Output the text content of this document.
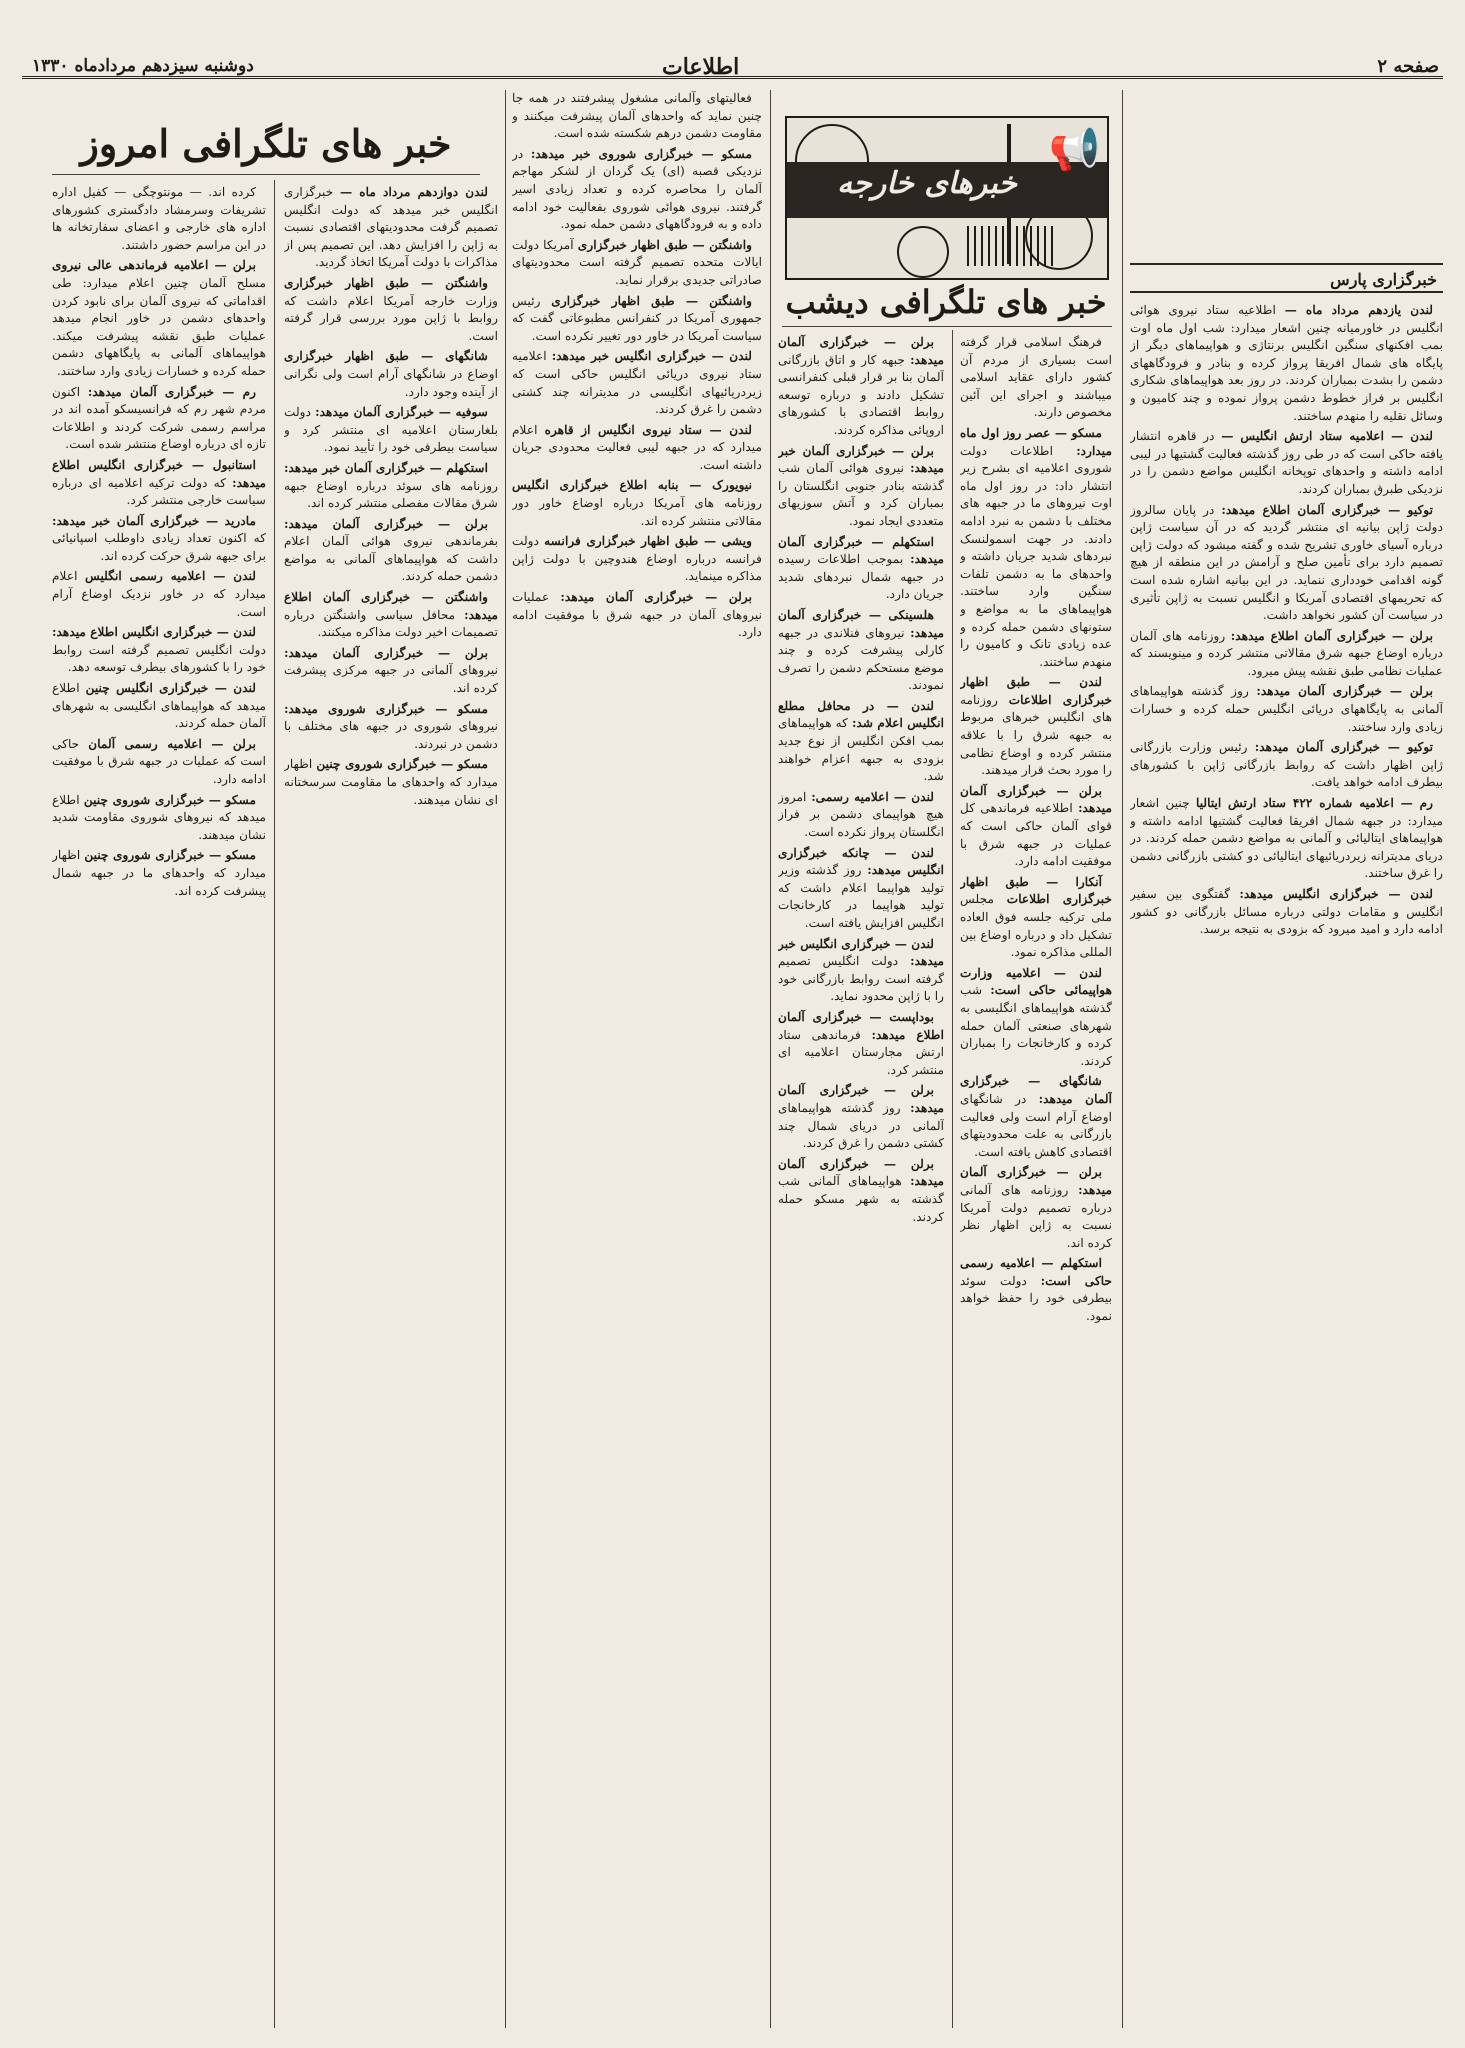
صفحه ۲
اطلاعات
دوشنبه سیزدهم مردادماه ۱۳۳۰
خبرگزاری پارس
خبرهای خارجه
📢
خبر های تلگرافی دیشب
خبر های تلگرافی امروز

لندن یازدهم مرداد ماه — اطلاعیه ستاد نیروی هوائی انگلیس در خاورمیانه چنین اشعار میدارد: شب اول ماه اوت بمب افکنهای سنگین انگلیس برنتاژی و هواپیماهای دیگر از پایگاه های شمال افریقا پرواز کرده و بنادر و فرودگاههای دشمن را بشدت بمباران کردند. در روز بعد هواپیماهای شکاری انگلیس بر فراز خطوط دشمن پرواز نموده و چند کامیون و وسائل نقلیه را منهدم ساختند.

لندن — اعلامیه ستاد ارتش انگلیس — در قاهره انتشار یافته حاکی است که در طی روز گذشته فعالیت گشتیها در لیبی ادامه داشته و واحدهای توپخانه انگلیس مواضع دشمن را در نزدیکی طبرق بمباران کردند.

توکیو — خبرگزاری آلمان اطلاع میدهد: در پایان سالروز دولت ژاپن بیانیه ای منتشر گردید که در آن سیاست ژاپن درباره آسیای خاوری تشریح شده و گفته میشود که دولت ژاپن تصمیم دارد برای تأمین صلح و آرامش در این منطقه از هیچ گونه اقدامی خودداری ننماید. در این بیانیه اشاره شده است که تحریمهای اقتصادی آمریکا و انگلیس نسبت به ژاپن تأثیری در سیاست آن کشور نخواهد داشت.

برلن — خبرگزاری آلمان اطلاع میدهد: روزنامه های آلمان درباره اوضاع جبهه شرق مقالاتی منتشر کرده و مینویسند که عملیات نظامی طبق نقشه پیش میرود.

برلن — خبرگزاری آلمان میدهد: روز گذشته هواپیماهای آلمانی به پایگاههای دریائی انگلیس حمله کرده و خسارات زیادی وارد ساختند.

توکیو — خبرگزاری آلمان میدهد: رئیس وزارت بازرگانی ژاپن اظهار داشت که روابط بازرگانی ژاپن با کشورهای بیطرف ادامه خواهد یافت.

رم — اعلامیه شماره ۴۲۲ ستاد ارتش ایتالیا چنین اشعار میدارد: در جبهه شمال افریقا فعالیت گشتیها ادامه داشته و هواپیماهای ایتالیائی و آلمانی به مواضع دشمن حمله کردند. در دریای مدیترانه زیردریائیهای ایتالیائی دو کشتی بازرگانی دشمن را غرق ساختند.

لندن — خبرگزاری انگلیس میدهد: گفتگوی بین سفیر انگلیس و مقامات دولتی درباره مسائل بازرگانی دو کشور ادامه دارد و امید میرود که بزودی به نتیجه برسد.

فرهنگ اسلامی قرار گرفته است بسیاری از مردم آن کشور دارای عقاید اسلامی میباشند و اجرای این آئین مخصوص دارند.

مسکو — عصر روز اول ماه میدارد: اطلاعات دولت شوروی اعلامیه ای بشرح زیر انتشار داد: در روز اول ماه اوت نیروهای ما در جبهه های مختلف با دشمن به نبرد ادامه دادند. در جهت اسمولنسک نبردهای شدید جریان داشته و واحدهای ما به دشمن تلفات سنگین وارد ساختند. هواپیماهای ما به مواضع و ستونهای دشمن حمله کرده و عده زیادی تانک و کامیون را منهدم ساختند.

لندن — طبق اظهار خبرگزاری اطلاعات روزنامه های انگلیس خبرهای مربوط به جبهه شرق را با علاقه منتشر کرده و اوضاع نظامی را مورد بحث قرار میدهند.

برلن — خبرگزاری آلمان میدهد: اطلاعیه فرماندهی کل قوای آلمان حاکی است که عملیات در جبهه شرق با موفقیت ادامه دارد.

آنکارا — طبق اظهار خبرگزاری اطلاعات مجلس ملی ترکیه جلسه فوق العاده تشکیل داد و درباره اوضاع بین المللی مذاکره نمود.

لندن — اعلامیه وزارت هواپیمائی حاکی است: شب گذشته هواپیماهای انگلیسی به شهرهای صنعتی آلمان حمله کرده و کارخانجات را بمباران کردند.

شانگهای — خبرگزاری آلمان میدهد: در شانگهای اوضاع آرام است ولی فعالیت بازرگانی به علت محدودیتهای اقتصادی کاهش یافته است.

برلن — خبرگزاری آلمان میدهد: روزنامه های آلمانی درباره تصمیم دولت آمریکا نسبت به ژاپن اظهار نظر کرده اند.

استکهلم — اعلامیه رسمی حاکی است: دولت سوئد بیطرفی خود را حفظ خواهد نمود.

برلن — خبرگزاری آلمان میدهد: جبهه کار و اتاق بازرگانی آلمان بنا بر قرار قبلی کنفرانسی تشکیل دادند و درباره توسعه روابط اقتصادی با کشورهای اروپائی مذاکره کردند.

برلن — خبرگزاری آلمان خبر میدهد: نیروی هوائی آلمان شب گذشته بنادر جنوبی انگلستان را بمباران کرد و آتش سوزیهای متعددی ایجاد نمود.

استکهلم — خبرگزاری آلمان میدهد: بموجب اطلاعات رسیده در جبهه شمال نبردهای شدید جریان دارد.

هلسینکی — خبرگزاری آلمان میدهد: نیروهای فنلاندی در جبهه کارلی پیشرفت کرده و چند موضع مستحکم دشمن را تصرف نمودند.

لندن — در محافل مطلع انگلیس اعلام شد: که هواپیماهای بمب افکن انگلیس از نوع جدید بزودی به جبهه اعزام خواهند شد.

لندن — اعلامیه رسمی: امروز هیچ هواپیمای دشمن بر فراز انگلستان پرواز نکرده است.

لندن — چانکه خبرگزاری انگلیس میدهد: روز گذشته وزیر تولید هواپیما اعلام داشت که تولید هواپیما در کارخانجات انگلیس افزایش یافته است.

لندن — خبرگزاری انگلیس خبر میدهد: دولت انگلیس تصمیم گرفته است روابط بازرگانی خود را با ژاپن محدود نماید.

بوداپست — خبرگزاری آلمان اطلاع میدهد: فرماندهی ستاد ارتش مجارستان اعلامیه ای منتشر کرد.

برلن — خبرگزاری آلمان میدهد: روز گذشته هواپیماهای آلمانی در دریای شمال چند کشتی دشمن را غرق کردند.

برلن — خبرگزاری آلمان میدهد: هواپیماهای آلمانی شب گذشته به شهر مسکو حمله کردند.

فعالیتهای وآلمانی مشغول پیشرفتند در همه جا چنین نماید که واحدهای آلمان پیشرفت میکنند و مقاومت دشمن درهم شکسته شده است.

مسکو — خبرگزاری شوروی خبر میدهد: در نزدیکی قصبه (ای) یک گردان از لشکر مهاجم آلمان را محاصره کرده و تعداد زیادی اسیر گرفتند. نیروی هوائی شوروی بفعالیت خود ادامه داده و به فرودگاههای دشمن حمله نمود.

واشنگتن — طبق اظهار خبرگزاری آمریکا دولت ایالات متحده تصمیم گرفته است محدودیتهای صادراتی جدیدی برقرار نماید.

واشنگتن — طبق اظهار خبرگزاری رئیس جمهوری آمریکا در کنفرانس مطبوعاتی گفت که سیاست آمریکا در خاور دور تغییر نکرده است.

لندن — خبرگزاری انگلیس خبر میدهد: اعلامیه ستاد نیروی دریائی انگلیس حاکی است که زیردریائیهای انگلیسی در مدیترانه چند کشتی دشمن را غرق کردند.

لندن — ستاد نیروی انگلیس از قاهره اعلام میدارد که در جبهه لیبی فعالیت محدودی جریان داشته است.

نیویورک — بنابه اطلاع خبرگزاری انگلیس روزنامه های آمریکا درباره اوضاع خاور دور مقالاتی منتشر کرده اند.

ویشی — طبق اظهار خبرگزاری فرانسه دولت فرانسه درباره اوضاع هندوچین با دولت ژاپن مذاکره مینماید.

برلن — خبرگزاری آلمان میدهد: عملیات نیروهای آلمان در جبهه شرق با موفقیت ادامه دارد.

لندن دوازدهم مرداد ماه — خبرگزاری انگلیس خبر میدهد که دولت انگلیس تصمیم گرفت محدودیتهای اقتصادی نسبت به ژاپن را افزایش دهد. این تصمیم پس از مذاکرات با دولت آمریکا اتخاذ گردید.

واشنگتن — طبق اظهار خبرگزاری وزارت خارجه آمریکا اعلام داشت که روابط با ژاپن مورد بررسی قرار گرفته است.

شانگهای — طبق اظهار خبرگزاری اوضاع در شانگهای آرام است ولی نگرانی از آینده وجود دارد.

سوفیه — خبرگزاری آلمان میدهد: دولت بلغارستان اعلامیه ای منتشر کرد و سیاست بیطرفی خود را تأیید نمود.

استکهلم — خبرگزاری آلمان خبر میدهد: روزنامه های سوئد درباره اوضاع جبهه شرق مقالات مفصلی منتشر کرده اند.

برلن — خبرگزاری آلمان میدهد: بفرماندهی نیروی هوائی آلمان اعلام داشت که هواپیماهای آلمانی به مواضع دشمن حمله کردند.

واشنگتن — خبرگزاری آلمان اطلاع میدهد: محافل سیاسی واشنگتن درباره تصمیمات اخیر دولت مذاکره میکنند.

برلن — خبرگزاری آلمان میدهد: نیروهای آلمانی در جبهه مرکزی پیشرفت کرده اند.

مسکو — خبرگزاری شوروی میدهد: نیروهای شوروی در جبهه های مختلف با دشمن در نبردند.

مسکو — خبرگزاری شوروی چنین اظهار میدارد که واحدهای ما مقاومت سرسختانه ای نشان میدهند.

کرده اند. — مونتوچگی — کفیل اداره تشریفات وسرمشاد دادگستری کشورهای اداره های خارجی و اعضای سفارتخانه ها در این مراسم حضور داشتند.

برلن — اعلامیه فرماندهی عالی نیروی مسلح آلمان چنین اعلام میدارد: طی اقداماتی که نیروی آلمان برای نابود کردن واحدهای دشمن در خاور انجام میدهد عملیات طبق نقشه پیشرفت میکند. هواپیماهای آلمانی به پایگاههای دشمن حمله کرده و خسارات زیادی وارد ساختند.

رم — خبرگزاری آلمان میدهد: اکنون مردم شهر رم که فرانسیسکو آمده اند در مراسم رسمی شرکت کردند و اطلاعات تازه ای درباره اوضاع منتشر شده است.

استانبول — خبرگزاری انگلیس اطلاع میدهد: که دولت ترکیه اعلامیه ای درباره سیاست خارجی منتشر کرد.

مادرید — خبرگزاری آلمان خبر میدهد: که اکنون تعداد زیادی داوطلب اسپانیائی برای جبهه شرق حرکت کرده اند.

لندن — اعلامیه رسمی انگلیس اعلام میدارد که در خاور نزدیک اوضاع آرام است.

لندن — خبرگزاری انگلیس اطلاع میدهد: دولت انگلیس تصمیم گرفته است روابط خود را با کشورهای بیطرف توسعه دهد.

لندن — خبرگزاری انگلیس چنین اطلاع میدهد که هواپیماهای انگلیسی به شهرهای آلمان حمله کردند.

برلن — اعلامیه رسمی آلمان حاکی است که عملیات در جبهه شرق با موفقیت ادامه دارد.

مسکو — خبرگزاری شوروی چنین اطلاع میدهد که نیروهای شوروی مقاومت شدید نشان میدهند.

مسکو — خبرگزاری شوروی چنین اظهار میدارد که واحدهای ما در جبهه شمال پیشرفت کرده اند.
